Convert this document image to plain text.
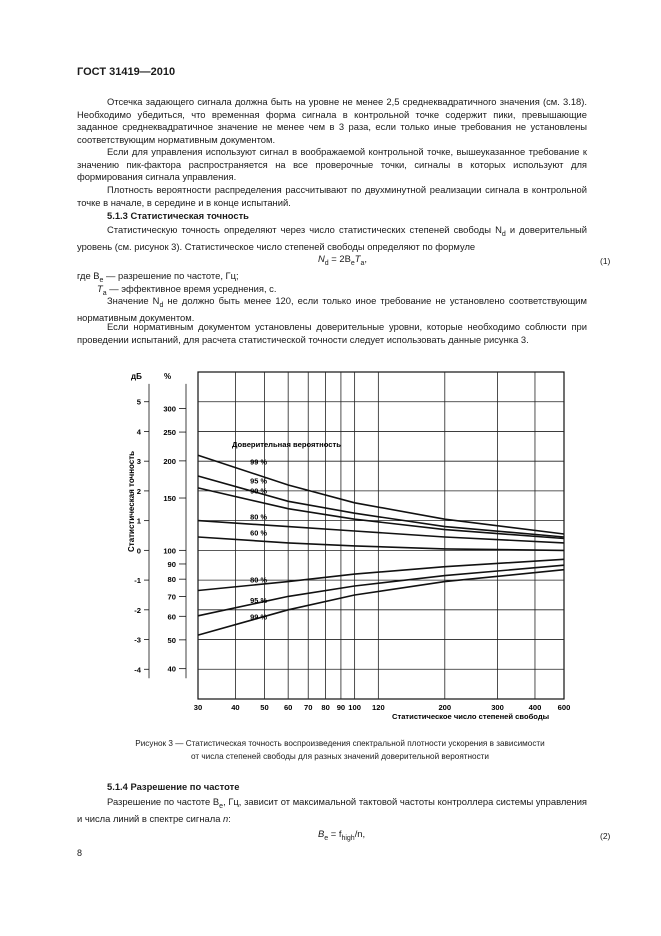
ГОСТ 31419—2010
Отсечка задающего сигнала должна быть на уровне не менее 2,5 среднеквадратичного значения (см. 3.18). Необходимо убедиться, что временная форма сигнала в контрольной точке содержит пики, превышающие заданное среднеквадратичное значение не менее чем в 3 раза, если только иные требования не установлены соответствующим нормативным документом.
Если для управления используют сигнал в воображаемой контрольной точке, вышеуказанное требование к значению пик-фактора распространяется на все проверочные точки, сигналы в которых используют для формирования сигнала управления.
Плотность вероятности распределения рассчитывают по двухминутной реализации сигнала в контрольной точке в начале, в середине и в конце испытаний.
5.1.3 Статистическая точность
Статистическую точность определяют через число статистических степеней свободы $N_d$ и доверительный уровень (см. рисунок 3). Статистическое число степеней свободы определяют по формуле
$N_d = 2B_eT_a$,	(1)
где $B_e$ — разрешение по частоте, Гц;
$T_a$ — эффективное время усреднения, с.
Значение $N_d$ не должно быть менее 120, если только иное требование не установлено соответствующим нормативным документом.
Если нормативным документом установлены доверительные уровни, которые необходимо соблюсти при проведении испытаний, для расчета статистической точности следует использовать данные рисунка 3.
99 %
95 %
90 %
80 %
60 %
80 %
95 %
99 %
30	40	50 60 70 80 90 100 120	200	300	400 600
5
4
3
2
1
0
-1
-2
-3
-4
300
250
200
150
100
90
80
70
60
50
40
Статистическая точность
дБ	%
Доверительная вероятность
Статистическое число степеней свободы
Рисунок 3 — Статистическая точность воспроизведения спектральной плотности ускорения в зависимости
от числа степеней свободы для разных значений доверительной вероятности
5.1.4 Разрешение по частоте
Разрешение по частоте $B_e$, Гц, зависит от максимальной тактовой частоты контроллера системы управления и числа линий в спектре сигнала n:
$B_e = f_{high}/n$,	(2)
8
